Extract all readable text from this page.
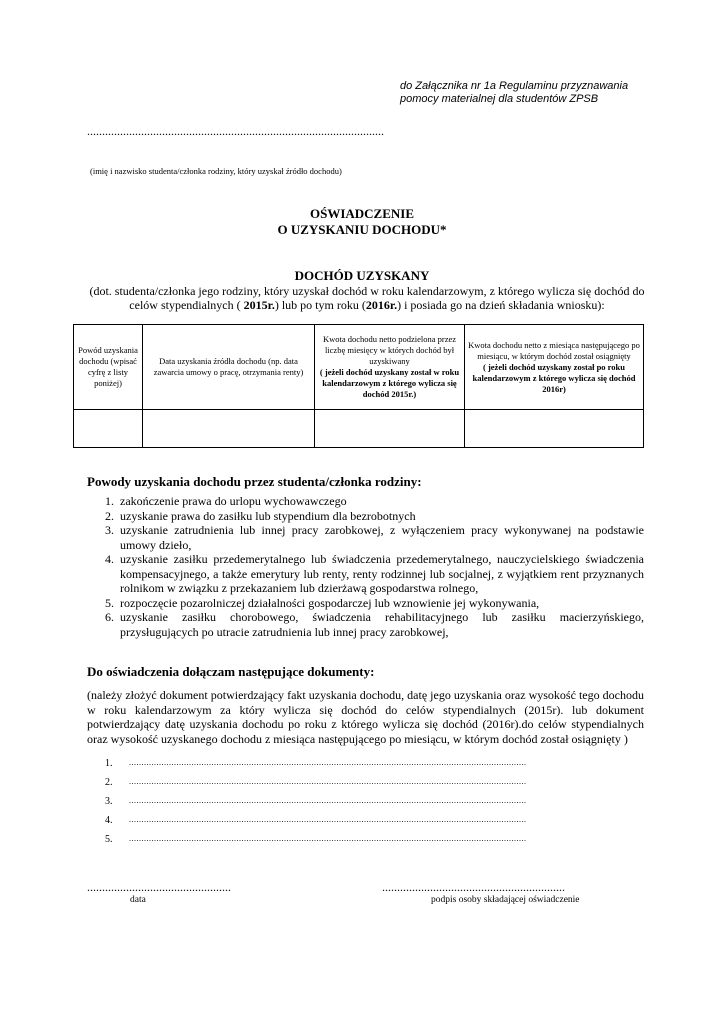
do Załącznika nr 1a Regulaminu przyznawania
pomocy materialnej dla studentów ZPSB
...................................................................................................
(imię i nazwisko studenta/członka rodziny, który uzyskał źródło dochodu)
OŚWIADCZENIE
O UZYSKANIU DOCHODU*
DOCHÓD UZYSKANY
(dot. studenta/członka jego rodziny, który uzyskał dochód w roku kalendarzowym, z którego wylicza się dochód do celów stypendialnych ( 2015r.) lub po tym roku (2016r.) i posiada go na dzień składania wniosku):
Powód uzyskania dochodu (wpisać cyfrę z listy poniżej)	Data uzyskania źródła dochodu (np. data zawarcia umowy o pracę, otrzymania renty)	Kwota dochodu netto podzielona przez liczbę miesięcy w których dochód był uzyskiwany
( jeżeli dochód uzyskany został w roku kalendarzowym z którego wylicza się dochód 2015r.)	Kwota dochodu netto z miesiąca następującego po miesiącu, w którym dochód został osiągnięty
( jeżeli dochód uzyskany został po roku kalendarzowym z którego wylicza się dochód 2016r)

Powody uzyskania dochodu przez studenta/członka rodziny:
1. zakończenie prawa do urlopu wychowawczego
2. uzyskanie prawa do zasiłku lub stypendium dla bezrobotnych
3. uzyskanie zatrudnienia lub innej pracy zarobkowej, z wyłączeniem pracy wykonywanej na podstawie umowy dzieło,
4. uzyskanie zasiłku przedemerytalnego lub świadczenia przedemerytalnego, nauczycielskiego świadczenia kompensacyjnego, a także emerytury lub renty, renty rodzinnej lub socjalnej, z wyjątkiem rent przyznanych rolnikom w związku z przekazaniem lub dzierżawą gospodarstwa rolnego,
5. rozpoczęcie pozarolniczej działalności gospodarczej lub wznowienie jej wykonywania,
6. uzyskanie zasiłku chorobowego, świadczenia rehabilitacyjnego lub zasiłku macierzyńskiego, przysługujących po utracie zatrudnienia lub innej pracy zarobkowej,
Do oświadczenia dołączam następujące dokumenty:
(należy złożyć dokument potwierdzający fakt uzyskania dochodu, datę jego uzyskania oraz wysokość tego dochodu w roku kalendarzowym za który wylicza się dochód do celów stypendialnych (2015r). lub dokument potwierdzający datę uzyskania dochodu po roku z którego wylicza się dochód (2016r).do celów stypendialnych oraz wysokość uzyskanego dochodu z miesiąca następującego po miesiącu, w którym dochód został osiągnięty )
1. ...............................................................................................................................................................
2. ...............................................................................................................................................................
3. ...............................................................................................................................................................
4. ...............................................................................................................................................................
5. ...............................................................................................................................................................
................................................
data
.............................................................
podpis osoby składającej oświadczenie
